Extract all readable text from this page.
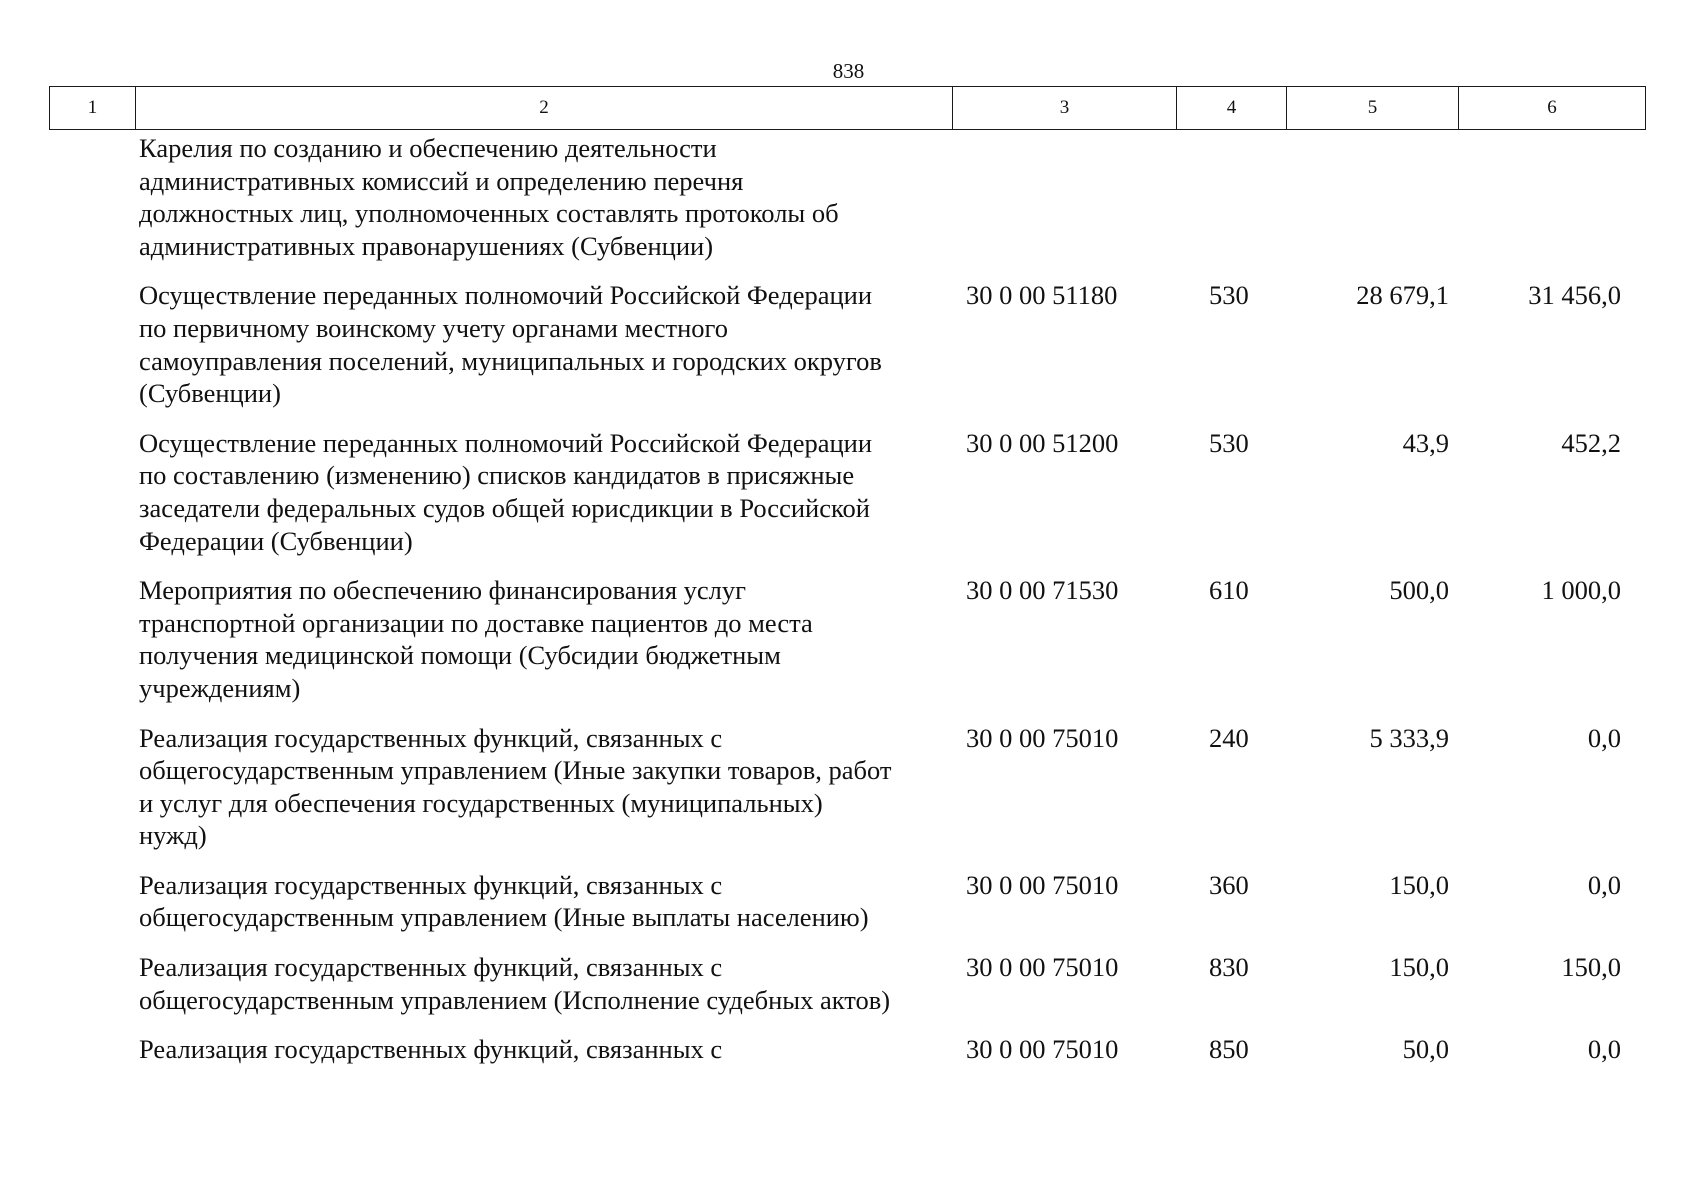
838
1	2	3	4	5	6
Карелия по созданию и обеспечению деятельности
административных комиссий и определению перечня
должностных лиц, уполномоченных составлять протоколы об
административных правонарушениях (Субвенции)
Осуществление переданных полномочий Российской Федерации
по первичному воинскому учету органами местного
самоуправления поселений, муниципальных и городских округов
(Субвенции)
30 0 00 51180	530	28 679,1	31 456,0
Осуществление переданных полномочий Российской Федерации
по составлению (изменению) списков кандидатов в присяжные
заседатели федеральных судов общей юрисдикции в Российской
Федерации (Субвенции)
30 0 00 51200	530	43,9	452,2
Мероприятия по обеспечению финансирования услуг
транспортной организации по доставке пациентов до места
получения медицинской помощи (Субсидии бюджетным
учреждениям)
30 0 00 71530	610	500,0	1 000,0
Реализация государственных функций, связанных с
общегосударственным управлением (Иные закупки товаров, работ
и услуг для обеспечения государственных (муниципальных)
нужд)
30 0 00 75010	240	5 333,9	0,0
Реализация государственных функций, связанных с
общегосударственным управлением (Иные выплаты населению)
30 0 00 75010	360	150,0	0,0
Реализация государственных функций, связанных с
общегосударственным управлением (Исполнение судебных актов)
30 0 00 75010	830	150,0	150,0
Реализация государственных функций, связанных с	30 0 00 75010	850	50,0	0,0
